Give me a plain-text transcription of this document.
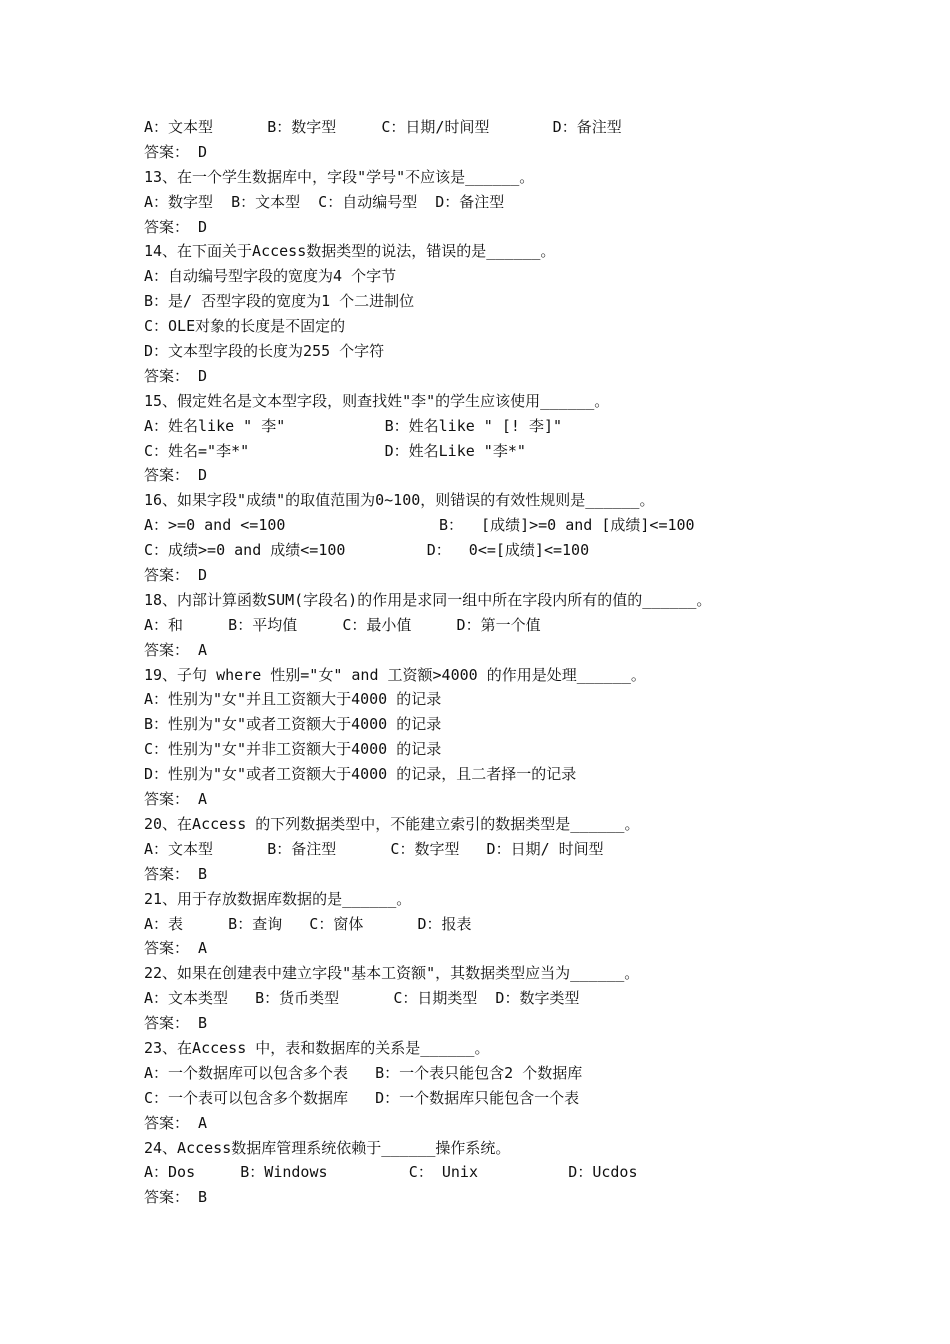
A：文本型      B：数字型     C：日期/时间型       D：备注型
答案： D
13、在一个学生数据库中，字段"学号"不应该是______。
A：数字型  B：文本型  C：自动编号型  D：备注型
答案： D
14、在下面关于Access数据类型的说法，错误的是______。
A：自动编号型字段的宽度为4 个字节
B：是/ 否型字段的宽度为1 个二进制位
C：OLE对象的长度是不固定的
D：文本型字段的长度为255 个字符
答案： D
15、假定姓名是文本型字段，则查找姓"李"的学生应该使用______。
A：姓名like " 李"           B：姓名like " [! 李]"
C：姓名="李*"               D：姓名Like "李*"
答案： D
16、如果字段"成绩"的取值范围为0~100，则错误的有效性规则是______。
A：>=0 and <=100                 B：  [成绩]>=0 and [成绩]<=100
C：成绩>=0 and 成绩<=100         D：  0<=[成绩]<=100
答案： D
18、内部计算函数SUM(字段名)的作用是求同一组中所在字段内所有的值的______。
A：和     B：平均值     C：最小值     D：第一个值
答案： A
19、子句 where 性别="女" and 工资额>4000 的作用是处理______。
A：性别为"女"并且工资额大于4000 的记录
B：性别为"女"或者工资额大于4000 的记录
C：性别为"女"并非工资额大于4000 的记录
D：性别为"女"或者工资额大于4000 的记录，且二者择一的记录
答案： A
20、在Access 的下列数据类型中，不能建立索引的数据类型是______。
A：文本型      B：备注型      C：数字型   D：日期/ 时间型
答案： B
21、用于存放数据库数据的是______。
A：表     B：查询   C：窗体      D：报表
答案： A
22、如果在创建表中建立字段"基本工资额"，其数据类型应当为______。
A：文本类型   B：货币类型      C：日期类型  D：数字类型
答案： B
23、在Access 中，表和数据库的关系是______。
A：一个数据库可以包含多个表   B：一个表只能包含2 个数据库
C：一个表可以包含多个数据库   D：一个数据库只能包含一个表
答案： A
24、Access数据库管理系统依赖于______操作系统。
A：Dos     B：Windows         C： Unix          D：Ucdos
答案： B
